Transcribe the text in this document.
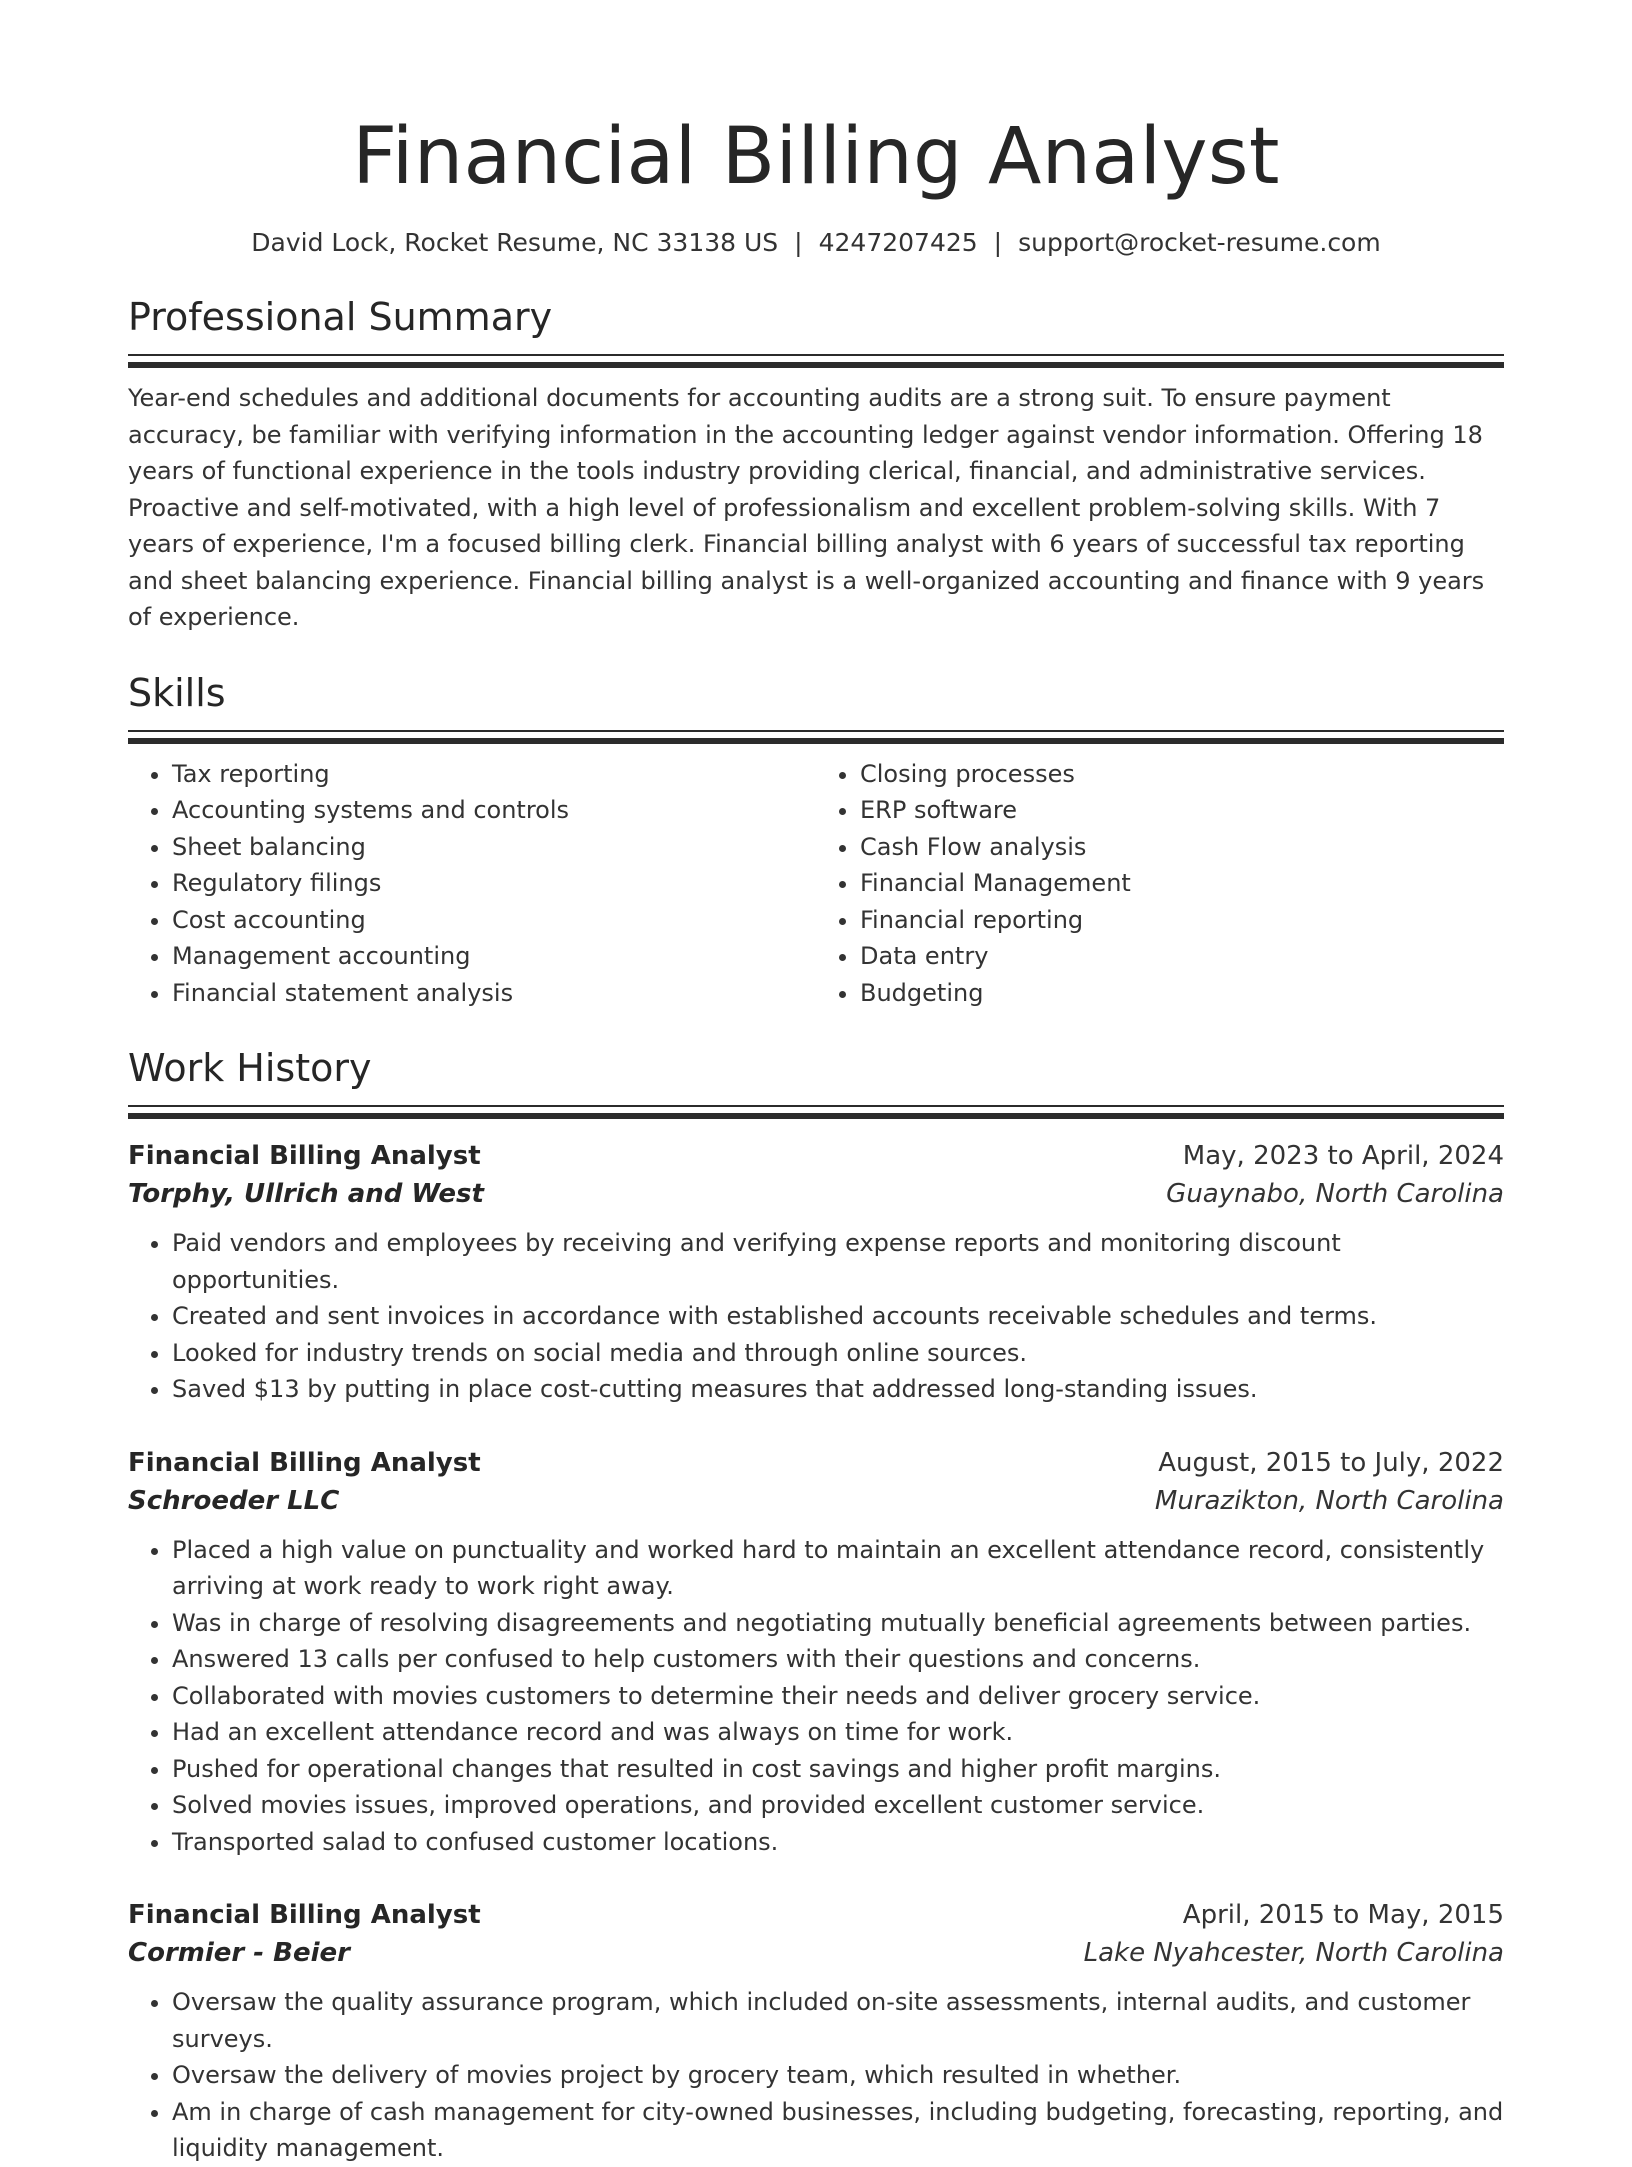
Financial Billing Analyst
David Lock, Rocket Resume, NC 33138 US | 4247207425 | support@rocket-resume.com
Professional Summary

Year-end schedules and additional documents for accounting audits are a strong suit. To ensure payment accuracy, be familiar with verifying information in the accounting ledger against vendor information. Offering 18 years of functional experience in the tools industry providing clerical, financial, and administrative services. Proactive and self-motivated, with a high level of professionalism and excellent problem-solving skills. With 7 years of experience, I'm a focused billing clerk. Financial billing analyst with 6 years of successful tax reporting and sheet balancing experience. Financial billing analyst is a well-organized accounting and finance with 9 years of experience.

Skills
• Tax reporting
• Accounting systems and controls
• Sheet balancing
• Regulatory filings
• Cost accounting
• Management accounting
• Financial statement analysis
• Closing processes
• ERP software
• Cash Flow analysis
• Financial Management
• Financial reporting
• Data entry
• Budgeting
Work History
Financial Billing Analyst	May, 2023 to April, 2024
Torphy, Ullrich and West	Guaynabo, North Carolina
• Paid vendors and employees by receiving and verifying expense reports and monitoring discount opportunities.
• Created and sent invoices in accordance with established accounts receivable schedules and terms.
• Looked for industry trends on social media and through online sources.
• Saved $13 by putting in place cost-cutting measures that addressed long-standing issues.
Financial Billing Analyst	August, 2015 to July, 2022
Schroeder LLC	Murazikton, North Carolina
• Placed a high value on punctuality and worked hard to maintain an excellent attendance record, consistently arriving at work ready to work right away.
• Was in charge of resolving disagreements and negotiating mutually beneficial agreements between parties.
• Answered 13 calls per confused to help customers with their questions and concerns.
• Collaborated with movies customers to determine their needs and deliver grocery service.
• Had an excellent attendance record and was always on time for work.
• Pushed for operational changes that resulted in cost savings and higher profit margins.
• Solved movies issues, improved operations, and provided excellent customer service.
• Transported salad to confused customer locations.
Financial Billing Analyst	April, 2015 to May, 2015
Cormier - Beier	Lake Nyahcester, North Carolina
• Oversaw the quality assurance program, which included on-site assessments, internal audits, and customer surveys.
• Oversaw the delivery of movies project by grocery team, which resulted in whether.
• Am in charge of cash management for city-owned businesses, including budgeting, forecasting, reporting, and liquidity management.
